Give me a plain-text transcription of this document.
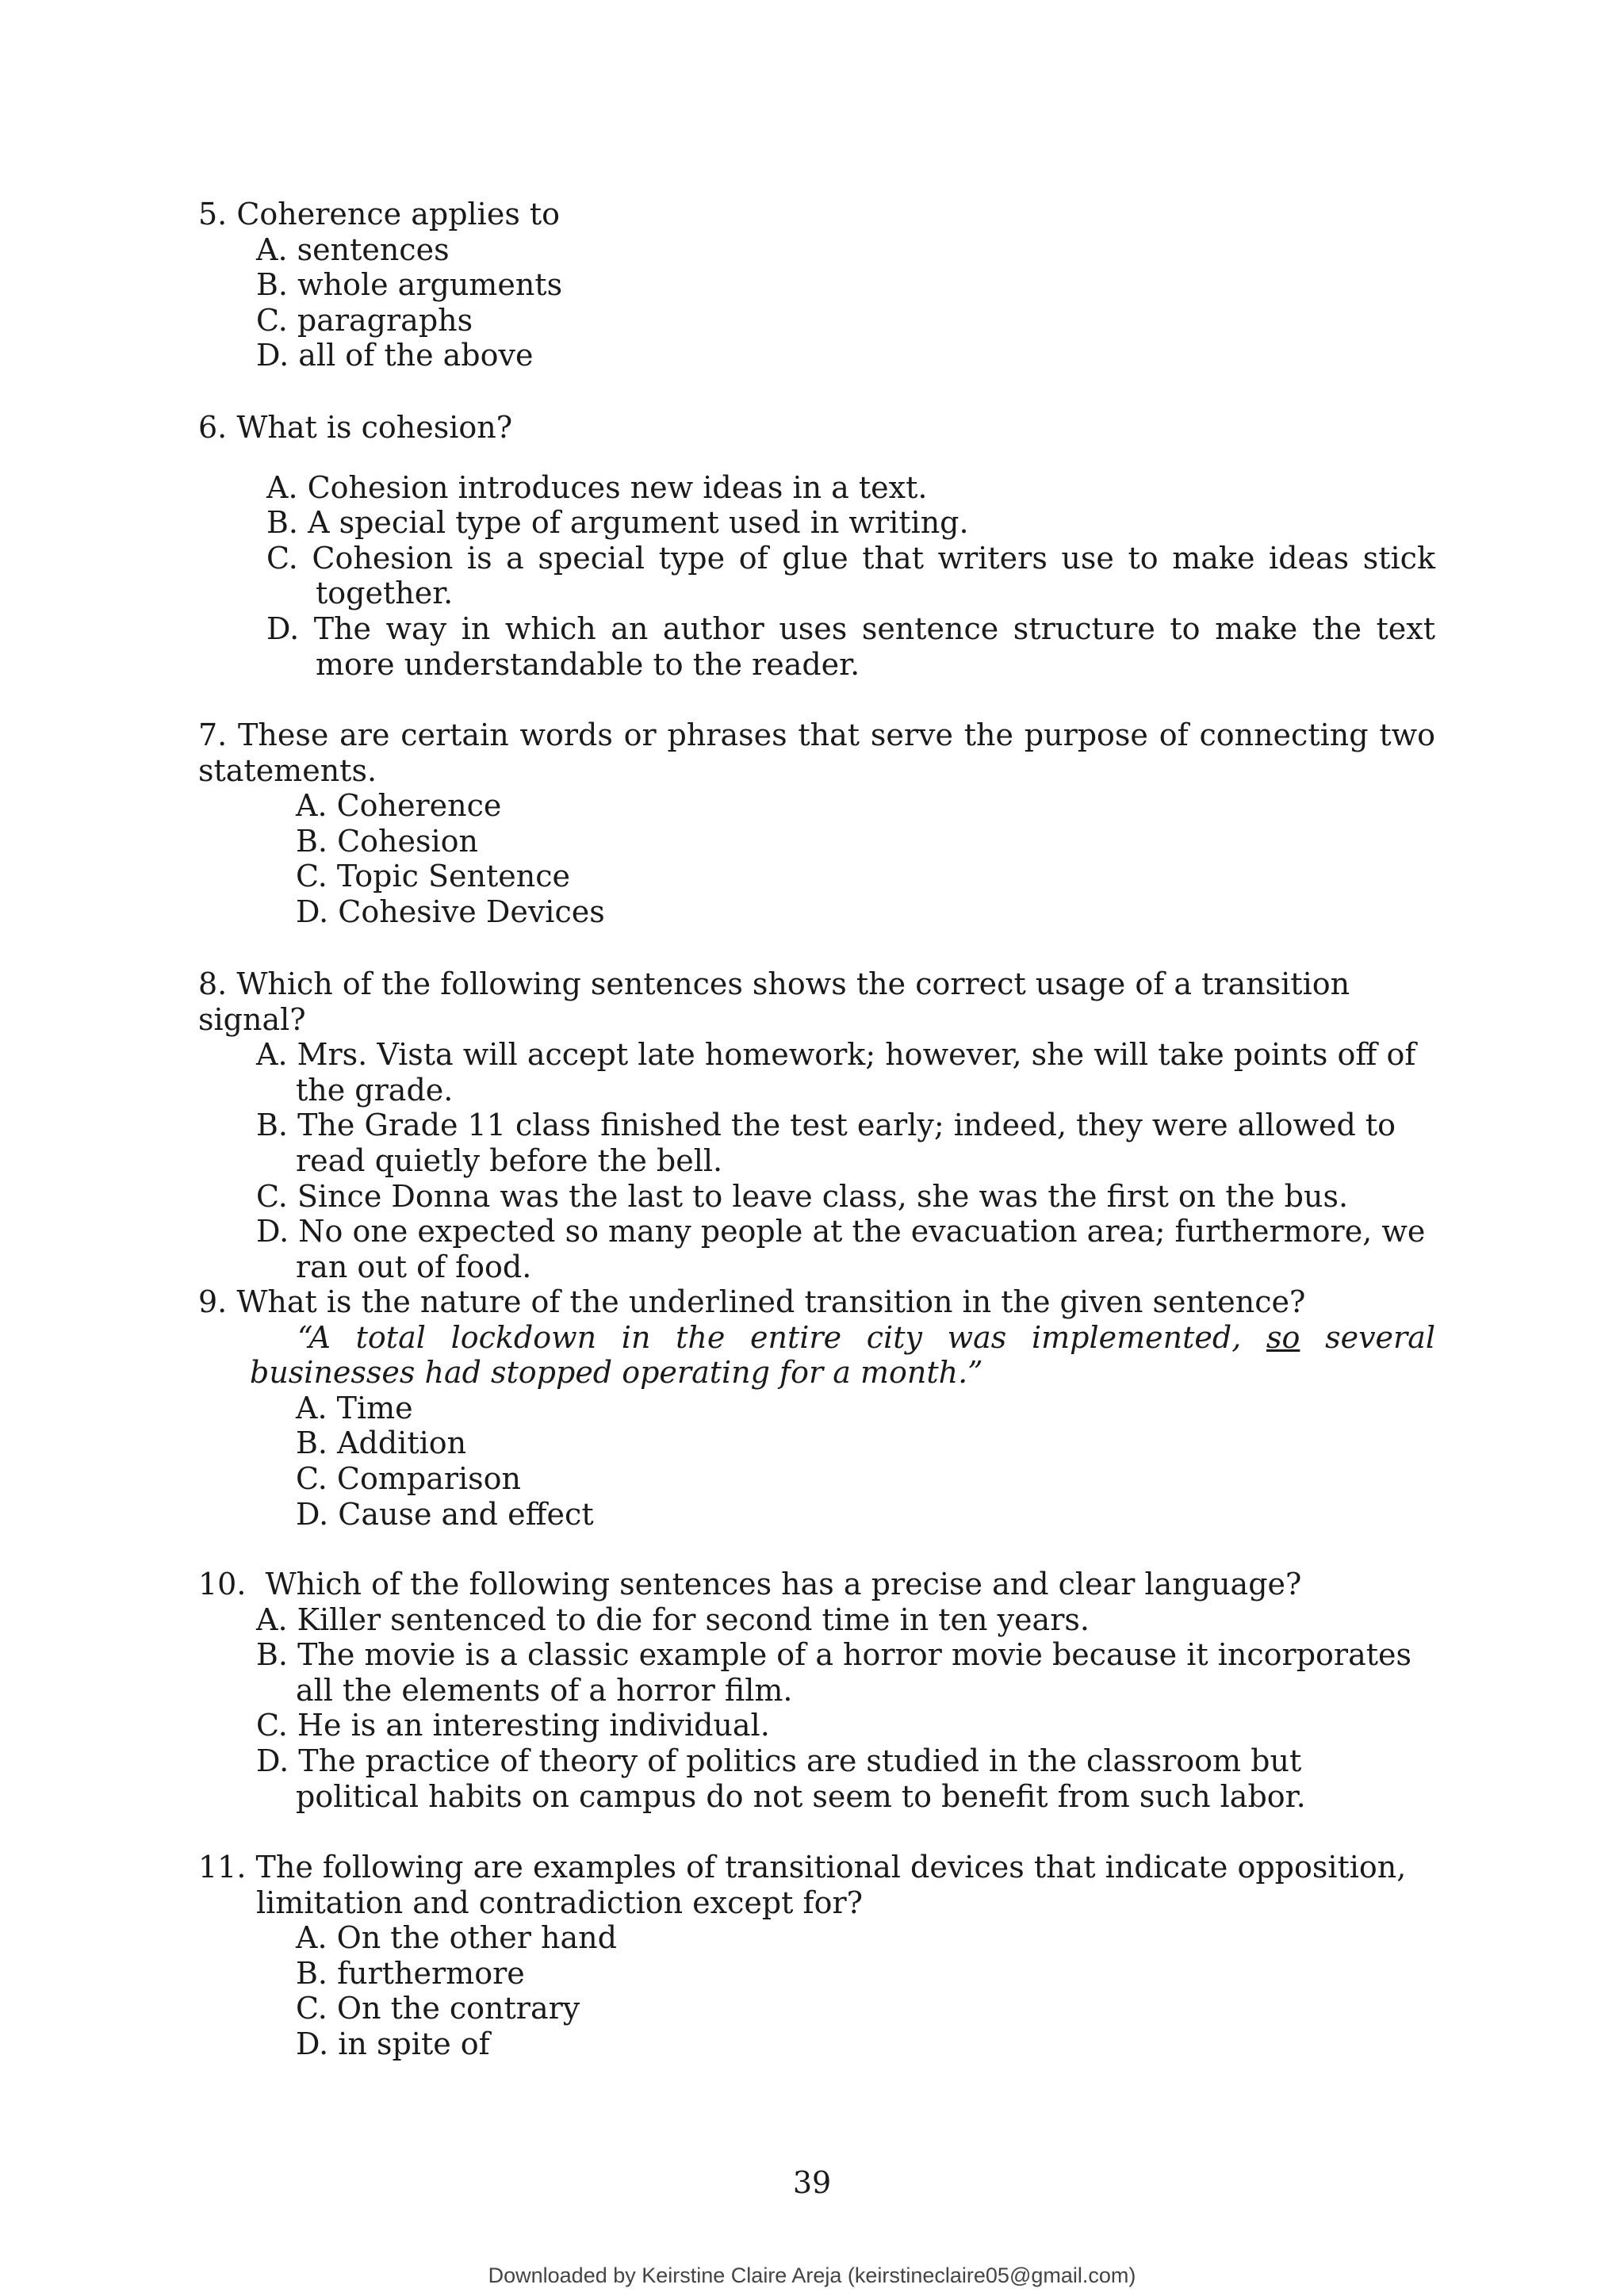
5. Coherence applies to

A. sentences
B. whole arguments
C. paragraphs
D. all of the above

6. What is cohesion?

A. Cohesion introduces new ideas in a text.
B. A special type of argument used in writing.
C. Cohesion is a special type of glue that writers use to make ideas stick together.
D. The way in which an author uses sentence structure to make the text more understandable to the reader.

7. These are certain words or phrases that serve the purpose of connecting two statements.

A. Coherence
B. Cohesion
C. Topic Sentence
D. Cohesive Devices

8. Which of the following sentences shows the correct usage of a transition signal?

A. Mrs. Vista will accept late homework; however, she will take points off of the grade.
B. The Grade 11 class finished the test early; indeed, they were allowed to read quietly before the bell.
C. Since Donna was the last to leave class, she was the first on the bus.
D. No one expected so many people at the evacuation area; furthermore, we ran out of food.

9. What is the nature of the underlined transition in the given sentence?

“A total lockdown in the entire city was implemented, so several businesses had stopped operating for a month.”

A. Time
B. Addition
C. Comparison
D. Cause and effect

10.  Which of the following sentences has a precise and clear language?

A. Killer sentenced to die for second time in ten years.
B. The movie is a classic example of a horror movie because it incorporates all the elements of a horror film.
C. He is an interesting individual.
D. The practice of theory of politics are studied in the classroom but political habits on campus do not seem to benefit from such labor.

11. The following are examples of transitional devices that indicate opposition, limitation and contradiction except for?

A. On the other hand
B. furthermore
C. On the contrary
D. in spite of
39
Downloaded by Keirstine Claire Areja (keirstineclaire05@gmail.com)
